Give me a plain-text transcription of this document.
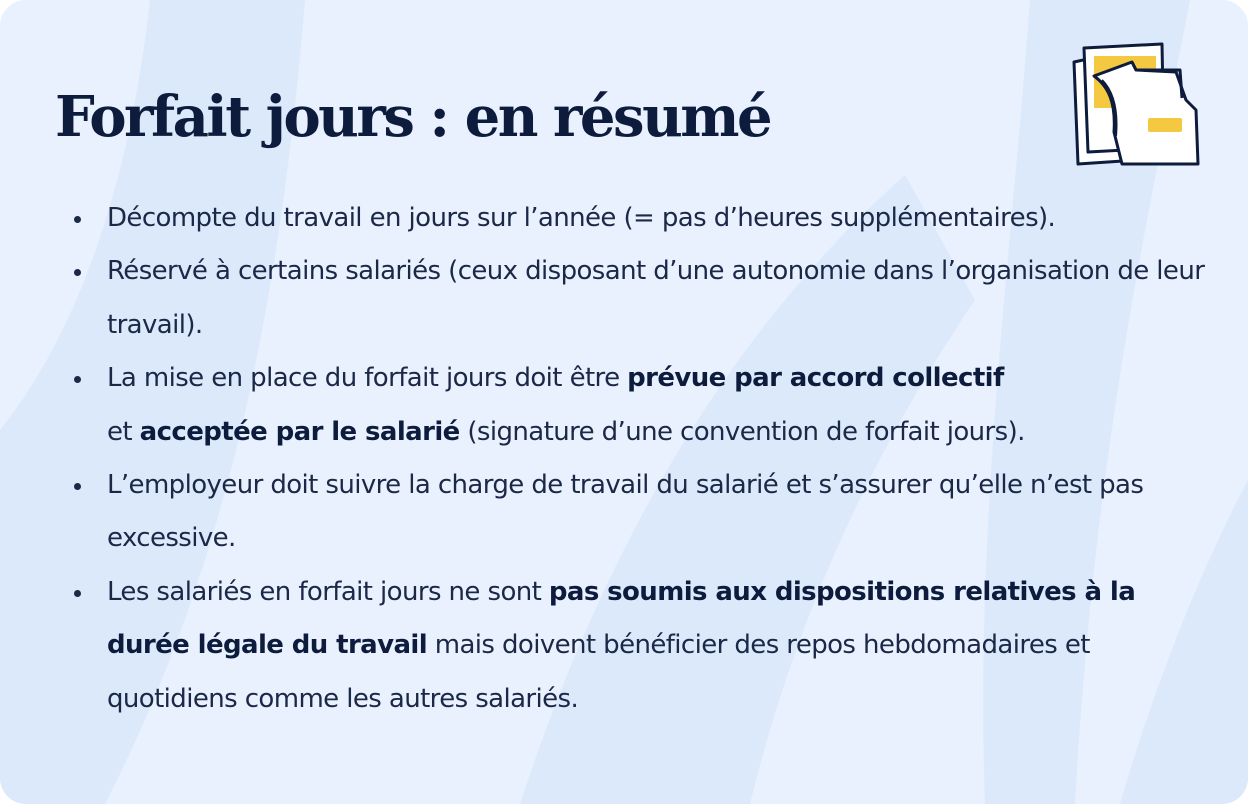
Forfait jours : en résumé
Décompte du travail en jours sur l’année (= pas d’heures supplémentaires).
Réservé à certains salariés (ceux disposant d’une autonomie dans l’organisation de leur travail).
La mise en place du forfait jours doit être prévue par accord collectif
et acceptée par le salarié (signature d’une convention de forfait jours).
L’employeur doit suivre la charge de travail du salarié et s’assurer qu’elle n’est pas excessive.
Les salariés en forfait jours ne sont pas soumis aux dispositions relatives à la durée légale du travail mais doivent bénéficier des repos hebdomadaires et quotidiens comme les autres salariés.
